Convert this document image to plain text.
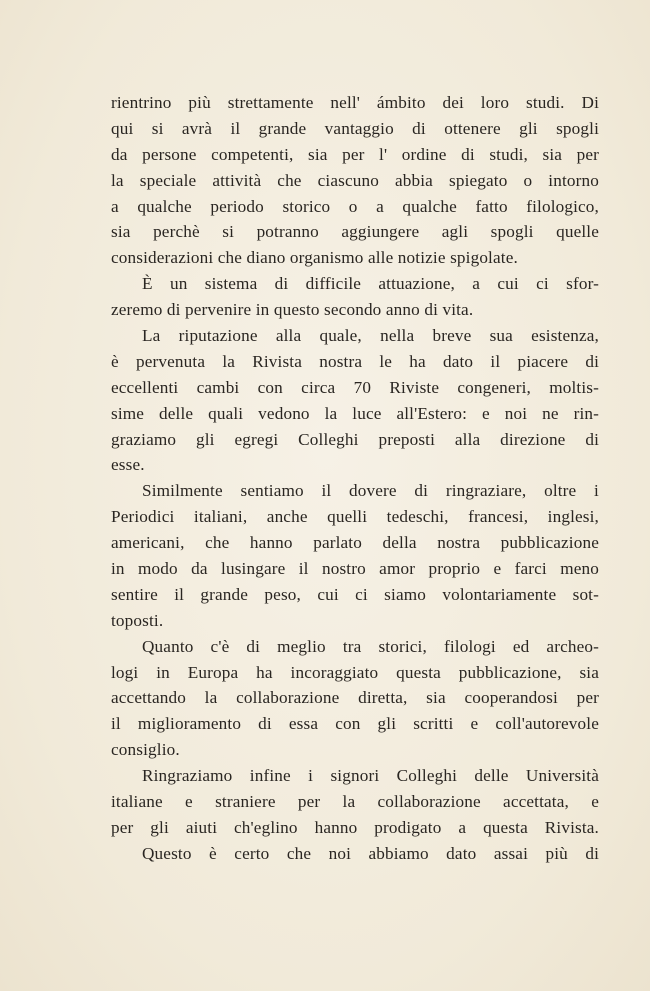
rientrino più strettamente nell' ámbito dei loro studi. Di
qui si avrà il grande vantaggio di ottenere gli spogli
da persone competenti, sia per l' ordine di studi, sia per
la speciale attività che ciascuno abbia spiegato o intorno
a qualche periodo storico o a qualche fatto filologico,
sia perchè si potranno aggiungere agli spogli quelle
considerazioni che diano organismo alle notizie spigolate.
È un sistema di difficile attuazione, a cui ci sfor-
zeremo di pervenire in questo secondo anno di vita.
La riputazione alla quale, nella breve sua esistenza,
è pervenuta la Rivista nostra le ha dato il piacere di
eccellenti cambi con circa 70 Riviste congeneri, moltis-
sime delle quali vedono la luce all'Estero: e noi ne rin-
graziamo gli egregi Colleghi preposti alla direzione di
esse.
Similmente sentiamo il dovere di ringraziare, oltre i
Periodici italiani, anche quelli tedeschi, francesi, inglesi,
americani, che hanno parlato della nostra pubblicazione
in modo da lusingare il nostro amor proprio e farci meno
sentire il grande peso, cui ci siamo volontariamente sot-
toposti.
Quanto c'è di meglio tra storici, filologi ed archeo-
logi in Europa ha incoraggiato questa pubblicazione, sia
accettando la collaborazione diretta, sia cooperandosi per
il miglioramento di essa con gli scritti e coll'autorevole
consiglio.
Ringraziamo infine i signori Colleghi delle Università
italiane e straniere per la collaborazione accettata, e
per gli aiuti ch'eglino hanno prodigato a questa Rivista.
Questo è certo che noi abbiamo dato assai più di
